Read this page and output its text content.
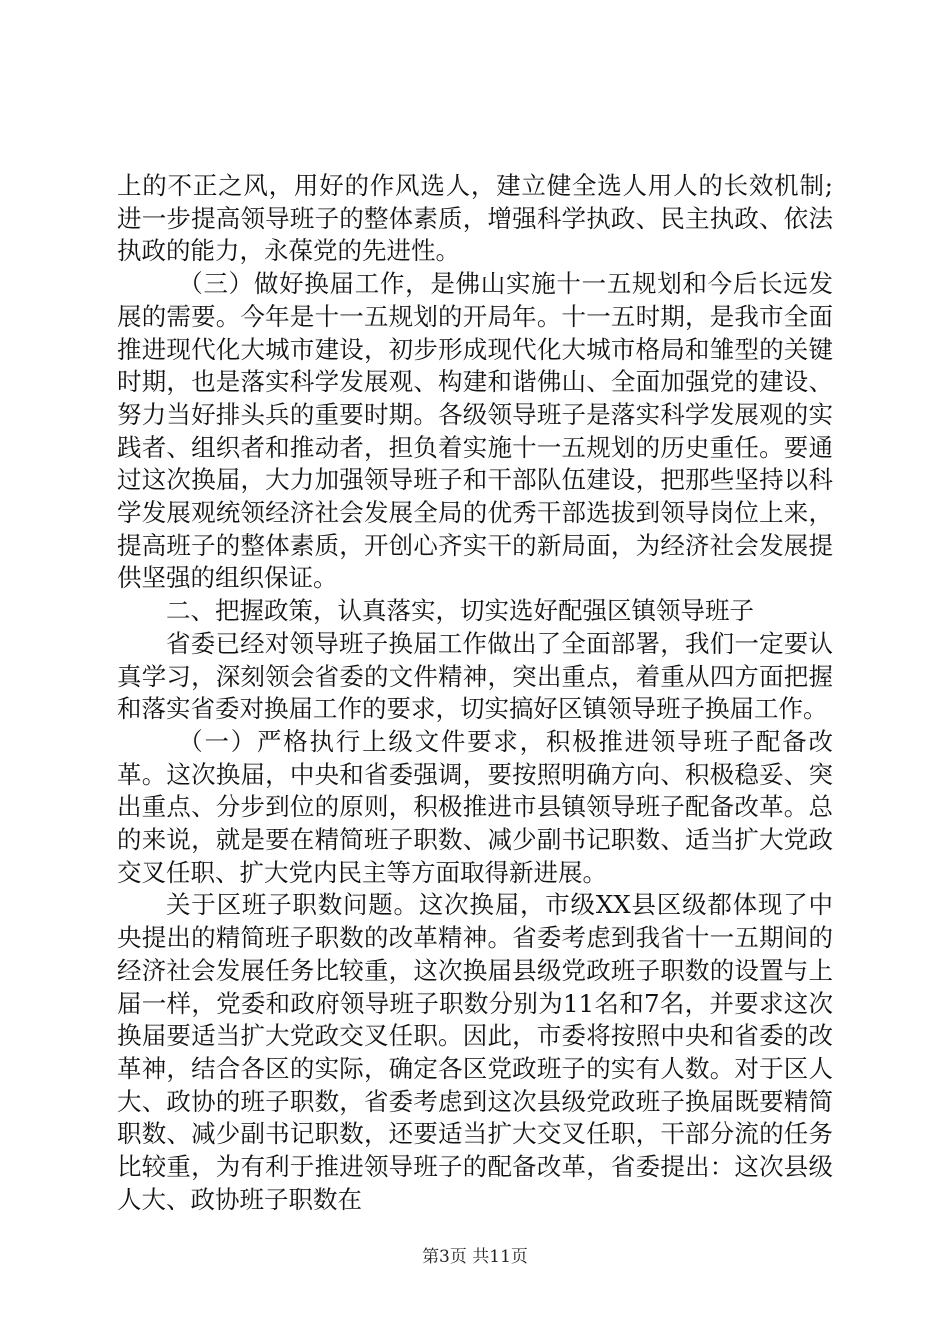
上的不正之风，用好的作风选人，建立健全选人用人的长效机制;进一步提高领导班子的整体素质，增强科学执政、民主执政、依法执政的能力，永葆党的先进性。

（三）做好换届工作，是佛山实施十一五规划和今后长远发展的需要。今年是十一五规划的开局年。十一五时期，是我市全面推进现代化大城市建设，初步形成现代化大城市格局和雏型的关键时期，也是落实科学发展观、构建和谐佛山、全面加强党的建设、努力当好排头兵的重要时期。各级领导班子是落实科学发展观的实践者、组织者和推动者，担负着实施十一五规划的历史重任。要通过这次换届，大力加强领导班子和干部队伍建设，把那些坚持以科学发展观统领经济社会发展全局的优秀干部选拔到领导岗位上来，提高班子的整体素质，开创心齐实干的新局面，为经济社会发展提供坚强的组织保证。

二、把握政策，认真落实，切实选好配强区镇领导班子

省委已经对领导班子换届工作做出了全面部署，我们一定要认真学习，深刻领会省委的文件精神，突出重点，着重从四方面把握和落实省委对换届工作的要求，切实搞好区镇领导班子换届工作。

（一）严格执行上级文件要求，积极推进领导班子配备改革。这次换届，中央和省委强调，要按照明确方向、积极稳妥、突出重点、分步到位的原则，积极推进市县镇领导班子配备改革。总的来说，就是要在精简班子职数、减少副书记职数、适当扩大党政交叉任职、扩大党内民主等方面取得新进展。

关于区班子职数问题。这次换届，市级XX县区级都体现了中央提出的精简班子职数的改革精神。省委考虑到我省十一五期间的经济社会发展任务比较重，这次换届县级党政班子职数的设置与上届一样，党委和政府领导班子职数分别为11名和7名，并要求这次换届要适当扩大党政交叉任职。因此，市委将按照中央和省委的改革神，结合各区的实际，确定各区党政班子的实有人数。对于区人大、政协的班子职数，省委考虑到这次县级党政班子换届既要精简职数、减少副书记职数，还要适当扩大交叉任职，干部分流的任务比较重，为有利于推进领导班子的配备改革，省委提出：这次县级人大、政协班子职数在

第3页 共11页
